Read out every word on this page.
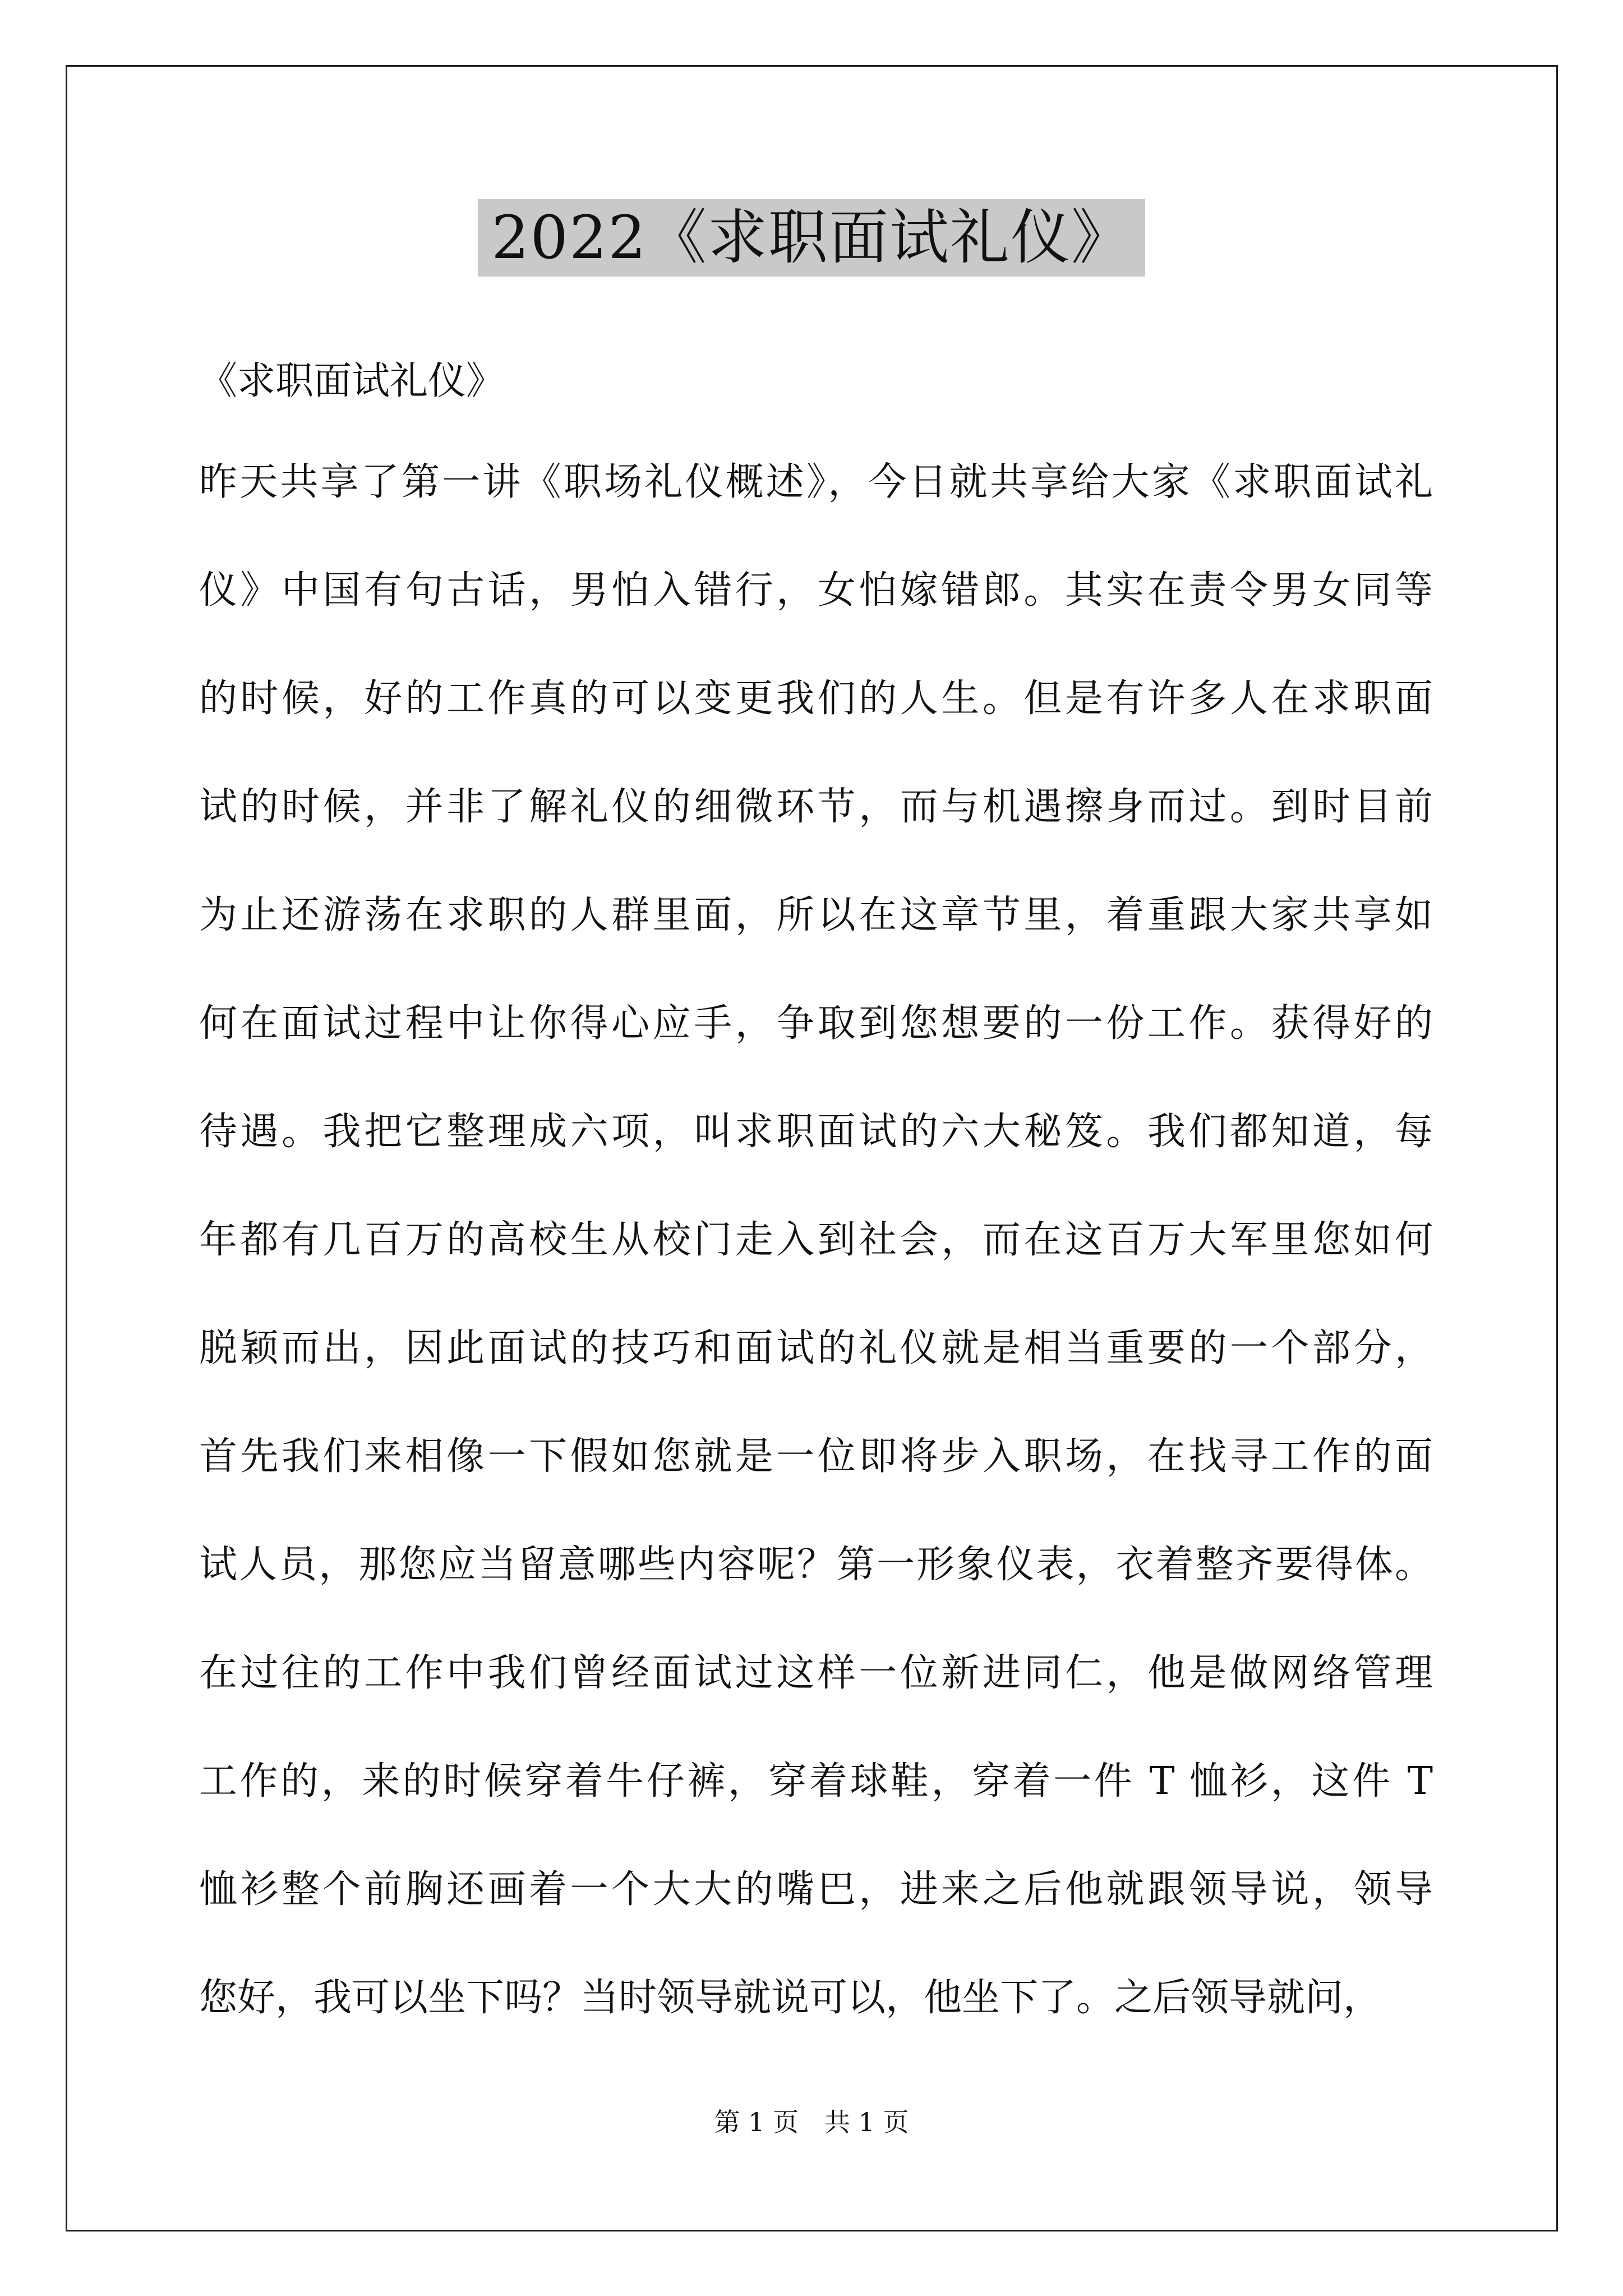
2022《求职面试礼仪》
《求职面试礼仪》
昨天共享了第一讲《职场礼仪概述》，今日就共享给大家《求职面试礼
仪》中国有句古话，男怕入错行，女怕嫁错郎。其实在责令男女同等
的时候，好的工作真的可以变更我们的人生。但是有许多人在求职面
试的时候，并非了解礼仪的细微环节，而与机遇擦身而过。到时目前
为止还游荡在求职的人群里面，所以在这章节里，着重跟大家共享如
何在面试过程中让你得心应手，争取到您想要的一份工作。获得好的
待遇。我把它整理成六项，叫求职面试的六大秘笈。我们都知道，每
年都有几百万的高校生从校门走入到社会，而在这百万大军里您如何
脱颖而出，因此面试的技巧和面试的礼仪就是相当重要的一个部分，
首先我们来相像一下假如您就是一位即将步入职场，在找寻工作的面
试人员，那您应当留意哪些内容呢？第一形象仪表，衣着整齐要得体。
在过往的工作中我们曾经面试过这样一位新进同仁，他是做网络管理
工作的，来的时候穿着牛仔裤，穿着球鞋，穿着一件 T 恤衫，这件 T
恤衫整个前胸还画着一个大大的嘴巴，进来之后他就跟领导说，领导
您好，我可以坐下吗？当时领导就说可以，他坐下了。之后领导就问，
第 1 页　共 1 页
